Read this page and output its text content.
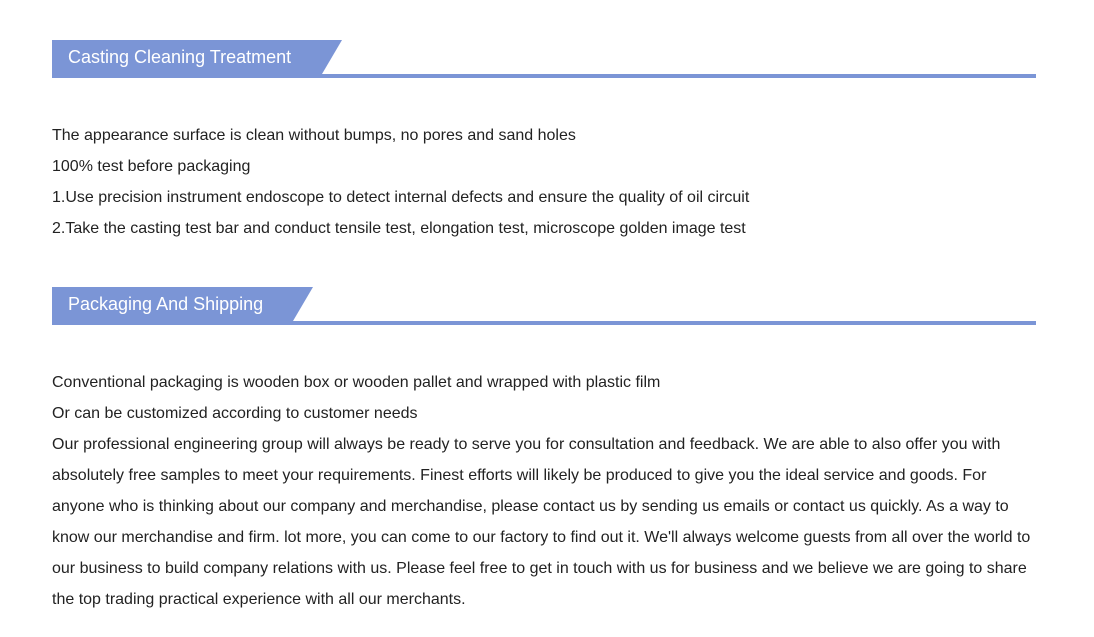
Casting Cleaning Treatment

The appearance surface is clean without bumps, no pores and sand holes

100% test before packaging

1.Use precision instrument endoscope to detect internal defects and ensure the quality of oil circuit

2.Take the casting test bar and conduct tensile test, elongation test, microscope golden image test

Packaging And Shipping

Conventional packaging is wooden box or wooden pallet and wrapped with plastic film

Or can be customized according to customer needs

Our professional engineering group will always be ready to serve you for consultation and feedback. We are able to also offer you with absolutely free samples to meet your requirements. Finest efforts will likely be produced to give you the ideal service and goods. For anyone who is thinking about our company and merchandise, please contact us by sending us emails or contact us quickly. As a way to know our merchandise and firm. lot more, you can come to our factory to find out it. We'll always welcome guests from all over the world to our business to build company relations with us. Please feel free to get in touch with us for business and we believe we are going to share the top trading practical experience with all our merchants.
